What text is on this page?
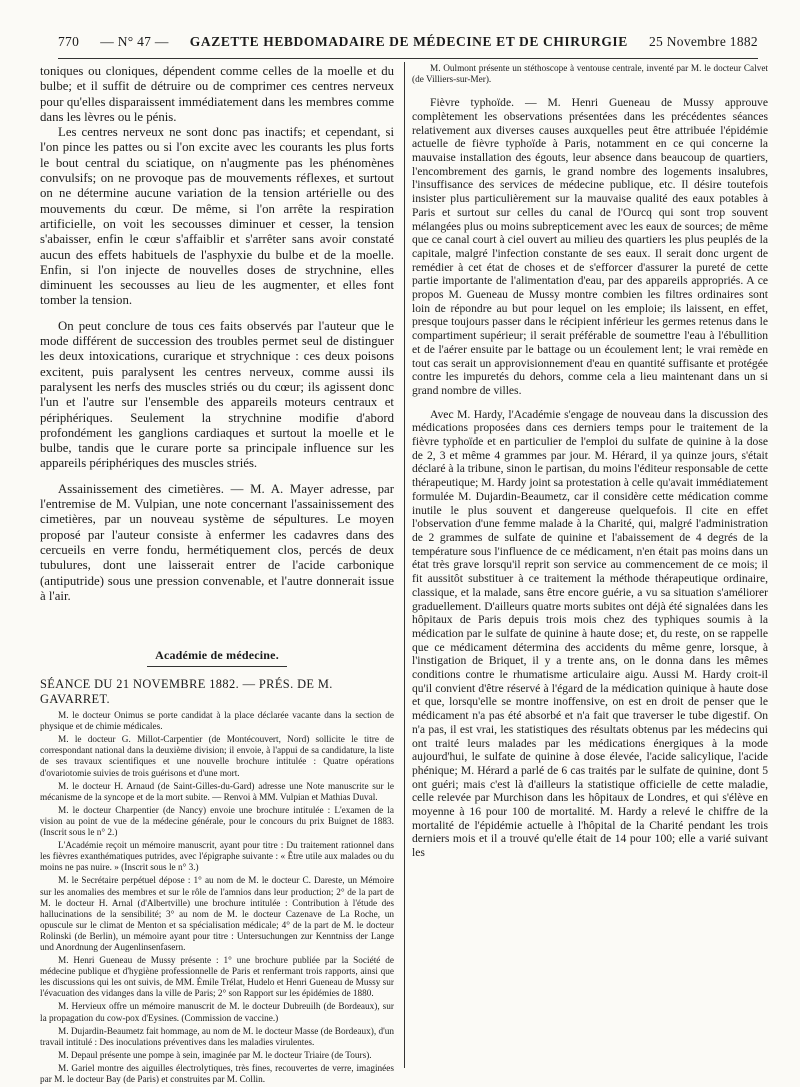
770 — N° 47 — GAZETTE HEBDOMADAIRE DE MÉDECINE ET DE CHIRURGIE 25 Novembre 1882

toniques ou cloniques, dépendent comme celles de la moelle et du bulbe; et il suffit de détruire ou de comprimer ces centres nerveux pour qu'elles disparaissent immédiatement dans les membres comme dans les lèvres ou le pénis.

Les centres nerveux ne sont donc pas inactifs; et cependant, si l'on pince les pattes ou si l'on excite avec les courants les plus forts le bout central du sciatique, on n'augmente pas les phénomènes convulsifs; on ne provoque pas de mouvements réflexes, et surtout on ne détermine aucune variation de la tension artérielle ou des mouvements du cœur. De même, si l'on arrête la respiration artificielle, on voit les secousses diminuer et cesser, la tension s'abaisser, enfin le cœur s'affaiblir et s'arrêter sans avoir constaté aucun des effets habituels de l'asphyxie du bulbe et de la moelle. Enfin, si l'on injecte de nouvelles doses de strychnine, elles diminuent les secousses au lieu de les augmenter, et elles font tomber la tension.

On peut conclure de tous ces faits observés par l'auteur que le mode différent de succession des troubles permet seul de distinguer les deux intoxications, curarique et strychnique : ces deux poisons excitent, puis paralysent les centres nerveux, comme aussi ils paralysent les nerfs des muscles striés ou du cœur; ils agissent donc l'un et l'autre sur l'ensemble des appareils moteurs centraux et périphériques. Seulement la strychnine modifie d'abord profondément les ganglions cardiaques et surtout la moelle et le bulbe, tandis que le curare porte sa principale influence sur les appareils périphériques des muscles striés.

Assainissement des cimetières. — M. A. Mayer adresse, par l'entremise de M. Vulpian, une note concernant l'assainissement des cimetières, par un nouveau système de sépultures. Le moyen proposé par l'auteur consiste à enfermer les cadavres dans des cercueils en verre fondu, hermétiquement clos, percés de deux tubulures, dont une laisserait entrer de l'acide carbonique (antiputride) sous une pression convenable, et l'autre donnerait issue à l'air.

Académie de médecine.
SÉANCE DU 21 NOVEMBRE 1882. — PRÉS. DE M. GAVARRET.

M. le docteur Onimus se porte candidat à la place déclarée vacante dans la section de physique et de chimie médicales.

M. le docteur G. Millot-Carpentier (de Montécouvert, Nord) sollicite le titre de correspondant national dans la deuxième division; il envoie, à l'appui de sa candidature, la liste de ses travaux scientifiques et une nouvelle brochure intitulée : Quatre opérations d'ovariotomie suivies de trois guérisons et d'une mort.

M. le docteur H. Arnaud (de Saint-Gilles-du-Gard) adresse une Note manuscrite sur le mécanisme de la syncope et de la mort subite. — Renvoi à MM. Vulpian et Mathias Duval.

M. le docteur Charpentier (de Nancy) envoie une brochure intitulée : L'examen de la vision au point de vue de la médecine générale, pour le concours du prix Buignet de 1883. (Inscrit sous le n° 2.)

L'Académie reçoit un mémoire manuscrit, ayant pour titre : Du traitement rationnel dans les fièvres exanthématiques putrides, avec l'épigraphe suivante : « Être utile aux malades ou du moins ne pas nuire. » (Inscrit sous le n° 3.)

M. le Secrétaire perpétuel dépose : 1° au nom de M. le docteur C. Dareste, un Mémoire sur les anomalies des membres et sur le rôle de l'amnios dans leur production; 2° de la part de M. le docteur H. Arnal (d'Albertville) une brochure intitulée : Contribution à l'étude des hallucinations de la sensibilité; 3° au nom de M. le docteur Cazenave de La Roche, un opuscule sur le climat de Menton et sa spécialisation médicale; 4° de la part de M. le docteur Rolinski (de Berlin), un mémoire ayant pour titre : Untersuchungen zur Kenntniss der Lange und Anordnung der Augenlinsenfasern.

M. Henri Gueneau de Mussy présente : 1° une brochure publiée par la Société de médecine publique et d'hygiène professionnelle de Paris et renfermant trois rapports, ainsi que les discussions qui les ont suivis, de MM. Émile Trélat, Hudelo et Henri Gueneau de Mussy sur l'évacuation des vidanges dans la ville de Paris; 2° son Rapport sur les épidémies de 1880.

M. Hervieux offre un mémoire manuscrit de M. le docteur Dubreuilh (de Bordeaux), sur la propagation du cow-pox d'Eysines. (Commission de vaccine.)

M. Dujardin-Beaumetz fait hommage, au nom de M. le docteur Masse (de Bordeaux), d'un travail intitulé : Des inoculations préventives dans les maladies virulentes.

M. Depaul présente une pompe à sein, imaginée par M. le docteur Triaire (de Tours).

M. Gariel montre des aiguilles électrolytiques, très fines, recouvertes de verre, imaginées par M. le docteur Bay (de Paris) et construites par M. Collin.

M. Oulmont présente un stéthoscope à ventouse centrale, inventé par M. le docteur Calvet (de Villiers-sur-Mer).

Fièvre typhoïde. — M. Henri Gueneau de Mussy approuve complètement les observations présentées dans les précédentes séances relativement aux diverses causes auxquelles peut être attribuée l'épidémie actuelle de fièvre typhoïde à Paris, notamment en ce qui concerne la mauvaise installation des égouts, leur absence dans beaucoup de quartiers, l'encombrement des garnis, le grand nombre des logements insalubres, l'insuffisance des services de médecine publique, etc. Il désire toutefois insister plus particulièrement sur la mauvaise qualité des eaux potables à Paris et surtout sur celles du canal de l'Ourcq qui sont trop souvent mélangées plus ou moins subrepticement avec les eaux de sources; de même que ce canal court à ciel ouvert au milieu des quartiers les plus peuplés de la capitale, malgré l'infection constante de ses eaux. Il serait donc urgent de remédier à cet état de choses et de s'efforcer d'assurer la pureté de cette partie importante de l'alimentation d'eau, par des appareils appropriés. A ce propos M. Gueneau de Mussy montre combien les filtres ordinaires sont loin de répondre au but pour lequel on les emploie; ils laissent, en effet, presque toujours passer dans le récipient inférieur les germes retenus dans le compartiment supérieur; il serait préférable de soumettre l'eau à l'ébullition et de l'aérer ensuite par le battage ou un écoulement lent; le vrai remède en tout cas serait un approvisionnement d'eau en quantité suffisante et protégée contre les impuretés du dehors, comme cela a lieu maintenant dans un si grand nombre de villes.

Avec M. Hardy, l'Académie s'engage de nouveau dans la discussion des médications proposées dans ces derniers temps pour le traitement de la fièvre typhoïde et en particulier de l'emploi du sulfate de quinine à la dose de 2, 3 et même 4 grammes par jour. M. Hérard, il ya quinze jours, s'était déclaré à la tribune, sinon le partisan, du moins l'éditeur responsable de cette thérapeutique; M. Hardy joint sa protestation à celle qu'avait immédiatement formulée M. Dujardin-Beaumetz, car il considère cette médication comme inutile le plus souvent et dangereuse quelquefois. Il cite en effet l'observation d'une femme malade à la Charité, qui, malgré l'administration de 2 grammes de sulfate de quinine et l'abaissement de 4 degrés de la température sous l'influence de ce médicament, n'en était pas moins dans un état très grave lorsqu'il reprit son service au commencement de ce mois; il fit aussitôt substituer à ce traitement la méthode thérapeutique ordinaire, classique, et la malade, sans être encore guérie, a vu sa situation s'améliorer graduellement. D'ailleurs quatre morts subites ont déjà été signalées dans les hôpitaux de Paris depuis trois mois chez des typhiques soumis à la médication par le sulfate de quinine à haute dose; et, du reste, on se rappelle que ce médicament détermina des accidents du même genre, lorsque, à l'instigation de Briquet, il y a trente ans, on le donna dans les mêmes conditions contre le rhumatisme articulaire aigu. Aussi M. Hardy croit-il qu'il convient d'être réservé à l'égard de la médication quinique à haute dose et que, lorsqu'elle se montre inoffensive, on est en droit de penser que le médicament n'a pas été absorbé et n'a fait que traverser le tube digestif. On n'a pas, il est vrai, les statistiques des résultats obtenus par les médecins qui ont traité leurs malades par les médications énergiques à la mode aujourd'hui, le sulfate de quinine à dose élevée, l'acide salicylique, l'acide phénique; M. Hérard a parlé de 6 cas traités par le sulfate de quinine, dont 5 ont guéri; mais c'est là d'ailleurs la statistique officielle de cette maladie, celle relevée par Murchison dans les hôpitaux de Londres, et qui s'élève en moyenne à 16 pour 100 de mortalité. M. Hardy a relevé le chiffre de la mortalité de l'épidémie actuelle à l'hôpital de la Charité pendant les trois derniers mois et il a trouvé qu'elle était de 14 pour 100; elle a varié suivant les
